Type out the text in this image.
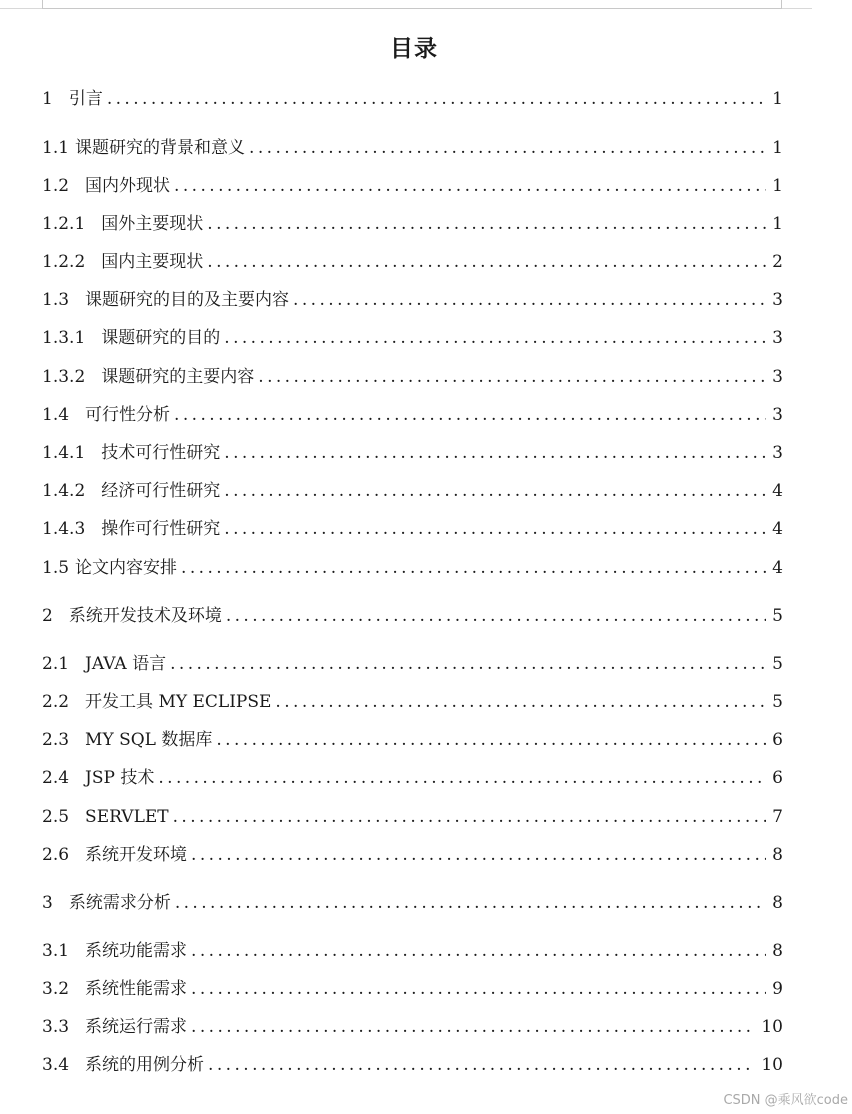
目录
1 引言 .....	1
1.1 课题研究的背景和意义 .....	1
1.2 国内外现状 .....	1
1.2.1 国外主要现状 .....	1
1.2.2 国内主要现状 .....	2
1.3 课题研究的目的及主要内容 .....	3
1.3.1 课题研究的目的 .....	3
1.3.2 课题研究的主要内容 .....	3
1.4 可行性分析 .....	3
1.4.1 技术可行性研究 .....	3
1.4.2 经济可行性研究 .....	4
1.4.3 操作可行性研究 .....	4
1.5 论文内容安排 .....	4
2 系统开发技术及环境 .....	5
2.1 JAVA 语言 .....	5
2.2 开发工具 MY ECLIPSE .....	5
2.3 MY SQL 数据库 .....	6
2.4 JSP 技术 .....	6
2.5 SERVLET .....	7
2.6 系统开发环境 .....	8
3 系统需求分析 .....	8
3.1 系统功能需求 .....	8
3.2 系统性能需求 .....	9
3.3 系统运行需求 .....	10
3.4 系统的用例分析 .....	10
CSDN @乘风欲code
